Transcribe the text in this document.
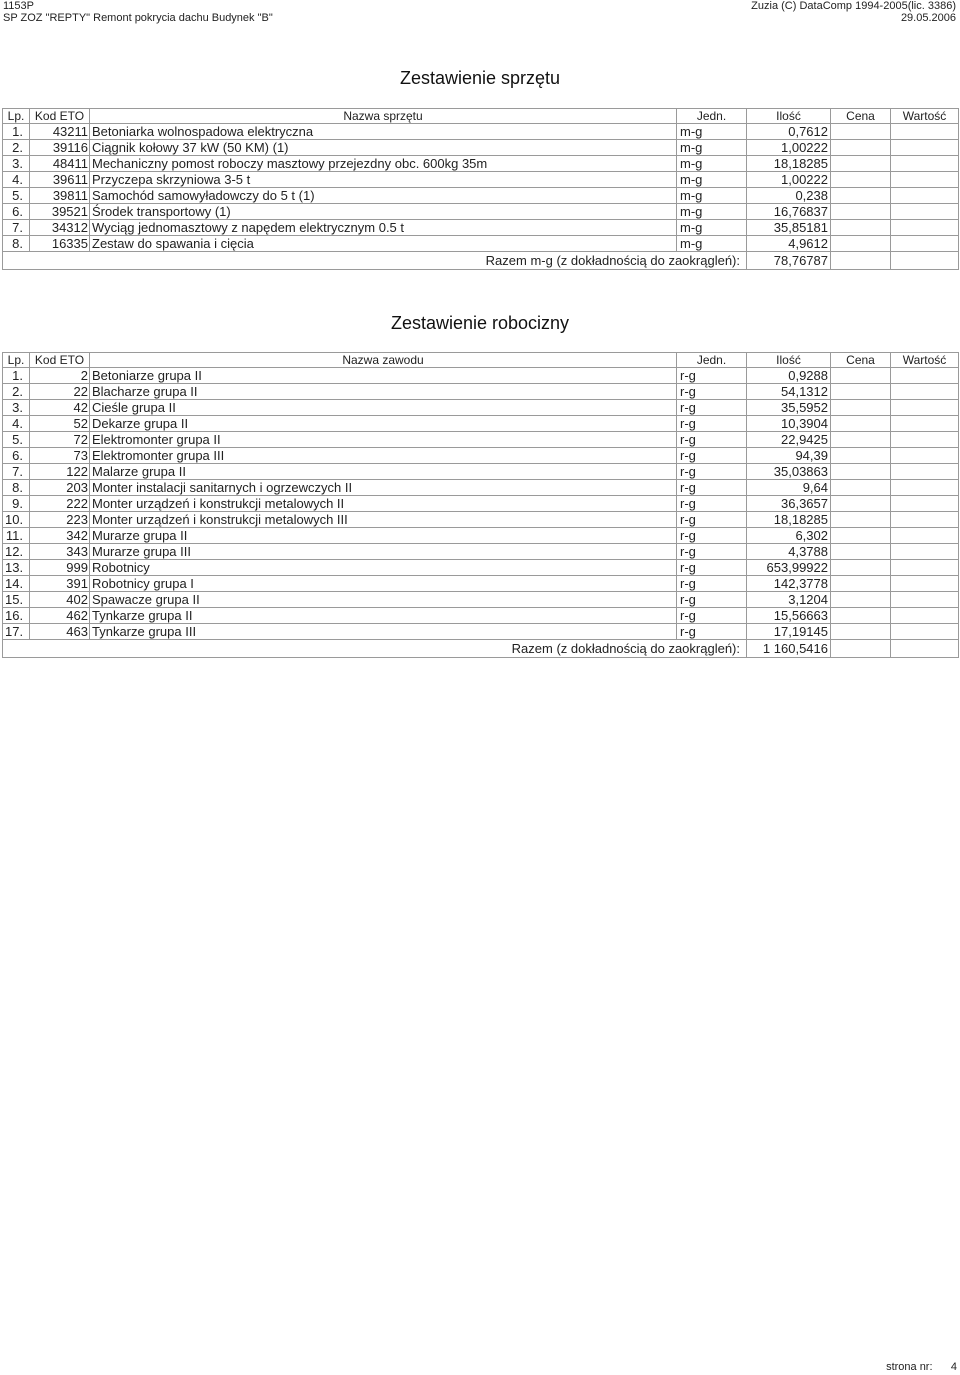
1153P
SP ZOZ "REPTY" Remont pokrycia dachu Budynek "B"
Zuzia (C) DataComp 1994-2005(lic. 3386)
29.05.2006
Zestawienie sprzętu
Lp.	Kod ETO	Nazwa sprzętu	Jedn.	Ilość	Cena	Wartość
1.	43211	Betoniarka wolnospadowa elektryczna	m-g	0,7612		
2.	39116	Ciągnik kołowy 37 kW (50 KM) (1)	m-g	1,00222		
3.	48411	Mechaniczny pomost roboczy masztowy przejezdny obc. 600kg 35m	m-g	18,18285		
4.	39611	Przyczepa skrzyniowa 3-5 t	m-g	1,00222		
5.	39811	Samochód samowyładowczy do 5 t (1)	m-g	0,238		
6.	39521	Środek transportowy (1)	m-g	16,76837		
7.	34312	Wyciąg jednomasztowy z napędem elektrycznym 0.5 t	m-g	35,85181		
8.	16335	Zestaw do spawania i cięcia	m-g	4,9612		
Razem m-g (z dokładnością do zaokrągleń):				78,76787		
Zestawienie robocizny
Lp.	Kod ETO	Nazwa zawodu	Jedn.	Ilość	Cena	Wartość
1.	2	Betoniarze grupa II	r-g	0,9288		
2.	22	Blacharze grupa II	r-g	54,1312		
3.	42	Cieśle grupa II	r-g	35,5952		
4.	52	Dekarze grupa II	r-g	10,3904		
5.	72	Elektromonter grupa II	r-g	22,9425		
6.	73	Elektromonter grupa III	r-g	94,39		
7.	122	Malarze grupa II	r-g	35,03863		
8.	203	Monter instalacji sanitarnych i ogrzewczych II	r-g	9,64		
9.	222	Monter urządzeń i konstrukcji metalowych II	r-g	36,3657		
10.	223	Monter urządzeń i konstrukcji metalowych III	r-g	18,18285		
11.	342	Murarze grupa II	r-g	6,302		
12.	343	Murarze grupa III	r-g	4,3788		
13.	999	Robotnicy	r-g	653,99922		
14.	391	Robotnicy grupa I	r-g	142,3778		
15.	402	Spawacze grupa II	r-g	3,1204		
16.	462	Tynkarze grupa II	r-g	15,56663		
17.	463	Tynkarze grupa III	r-g	17,19145		
Razem (z dokładnością do zaokrągleń):				1 160,5416		
strona nr: 4
